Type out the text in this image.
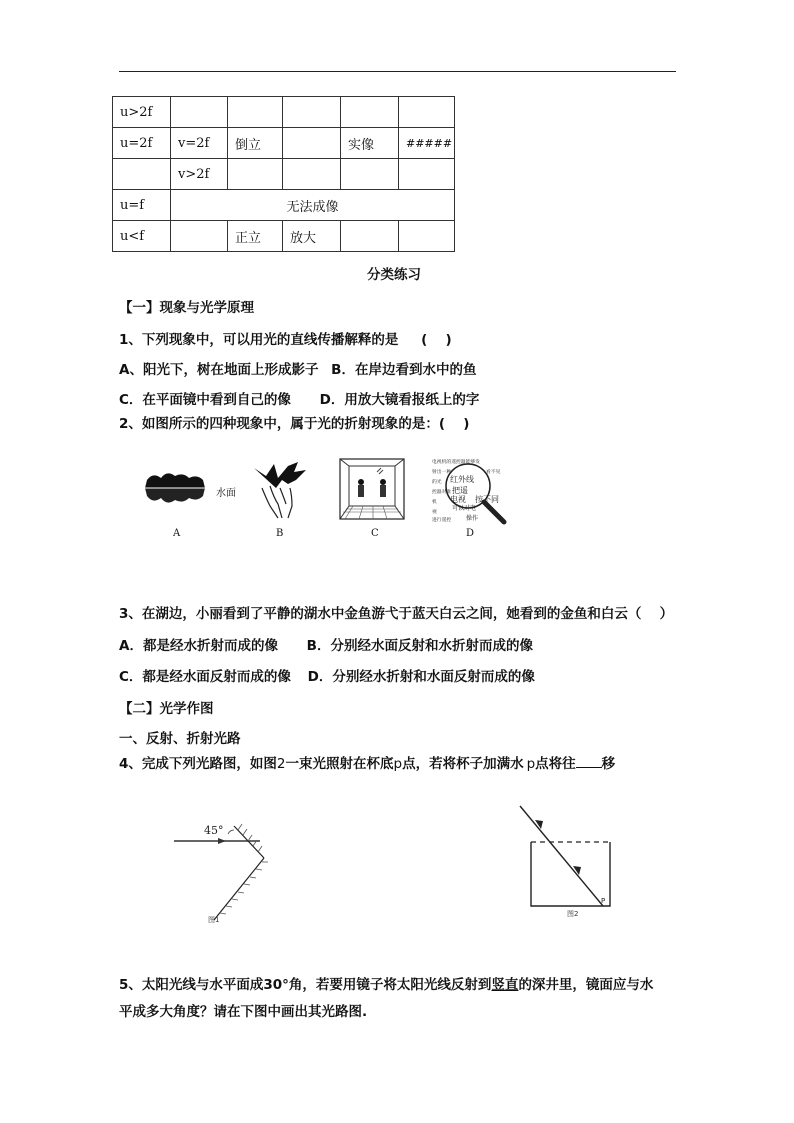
u>2f					
u=2f	v=2f	倒立		实像	#####
	v>2f				
u=f	无法成像				
u<f		正立	放大		
分类练习
【一】现象与光学原理
1、下列现象中，可以用光的直线传播解释的是 (　 )
A、阳光下，树在地面上形成影子 B．在岸边看到水中的鱼
C．在平面镜中看到自己的像 D．用放大镜看报纸上的字
2、如图所示的四种现象中，属于光的折射现象的是：(　 )
水面
A	B	C
电视机的遥控器能够发
射出一种	看不见
的光 红外线
控器对准 把遥
电视
机	按不同
可以对电
视
进行遥控 操作
D
3、在湖边，小丽看到了平静的湖水中金鱼游弋于蓝天白云之间，她看到的金鱼和白云（　 ）
A．都是经水折射而成的像 B．分别经水面反射和水折射而成的像
C．都是经水面反射而成的像 D．分别经水折射和水面反射而成的像
【二】光学作图
一、反射、折射光路
4、完成下列光路图，如图2一束光照射在杯底p点，若将杯子加满水 p点将往 移
45°
图1
P
图2
5、太阳光线与水平面成30°角，若要用镜子将太阳光线反射到竖直的深井里，镜面应与水
平成多大角度？请在下图中画出其光路图.
